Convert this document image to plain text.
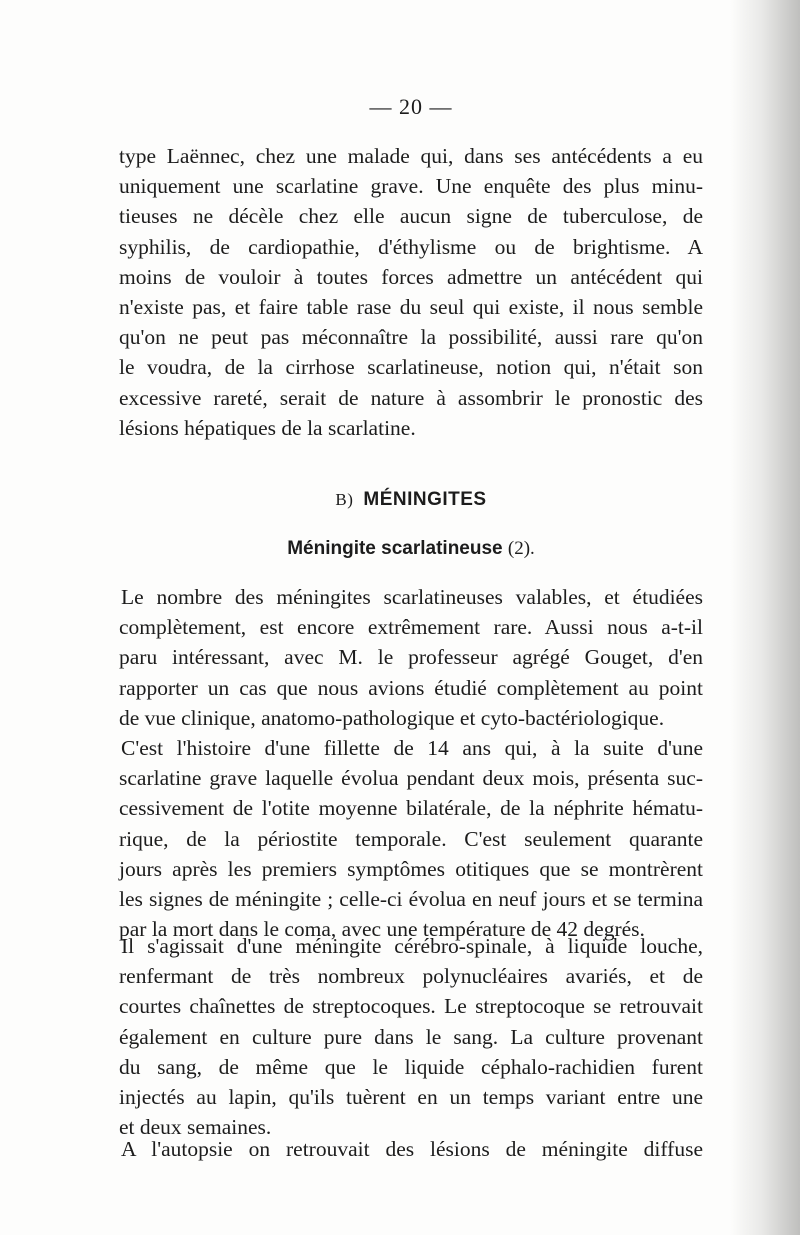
— 20 —
type Laënnec, chez une malade qui, dans ses antécédents a eu
uniquement une scarlatine grave. Une enquête des plus minu-
tieuses ne décèle chez elle aucun signe de tuberculose, de
syphilis, de cardiopathie, d'éthylisme ou de brightisme. A
moins de vouloir à toutes forces admettre un antécédent qui
n'existe pas, et faire table rase du seul qui existe, il nous semble
qu'on ne peut pas méconnaître la possibilité, aussi rare qu'on
le voudra, de la cirrhose scarlatineuse, notion qui, n'était son
excessive rareté, serait de nature à assombrir le pronostic des
lésions hépatiques de la scarlatine.
B) MÉNINGITES
Méningite scarlatineuse (2).
Le nombre des méningites scarlatineuses valables, et étudiées
complètement, est encore extrêmement rare. Aussi nous a-t-il
paru intéressant, avec M. le professeur agrégé Gouget, d'en
rapporter un cas que nous avions étudié complètement au point
de vue clinique, anatomo-pathologique et cyto-bactériologique.
C'est l'histoire d'une fillette de 14 ans qui, à la suite d'une
scarlatine grave laquelle évolua pendant deux mois, présenta suc-
cessivement de l'otite moyenne bilatérale, de la néphrite hématu-
rique, de la périostite temporale. C'est seulement quarante
jours après les premiers symptômes otitiques que se montrèrent
les signes de méningite ; celle-ci évolua en neuf jours et se termina
par la mort dans le coma, avec une température de 42 degrés.
Il s'agissait d'une méningite cérébro-spinale, à liquide louche,
renfermant de très nombreux polynucléaires avariés, et de
courtes chaînettes de streptocoques. Le streptocoque se retrouvait
également en culture pure dans le sang. La culture provenant
du sang, de même que le liquide céphalo-rachidien furent
injectés au lapin, qu'ils tuèrent en un temps variant entre une
et deux semaines.
A l'autopsie on retrouvait des lésions de méningite diffuse
